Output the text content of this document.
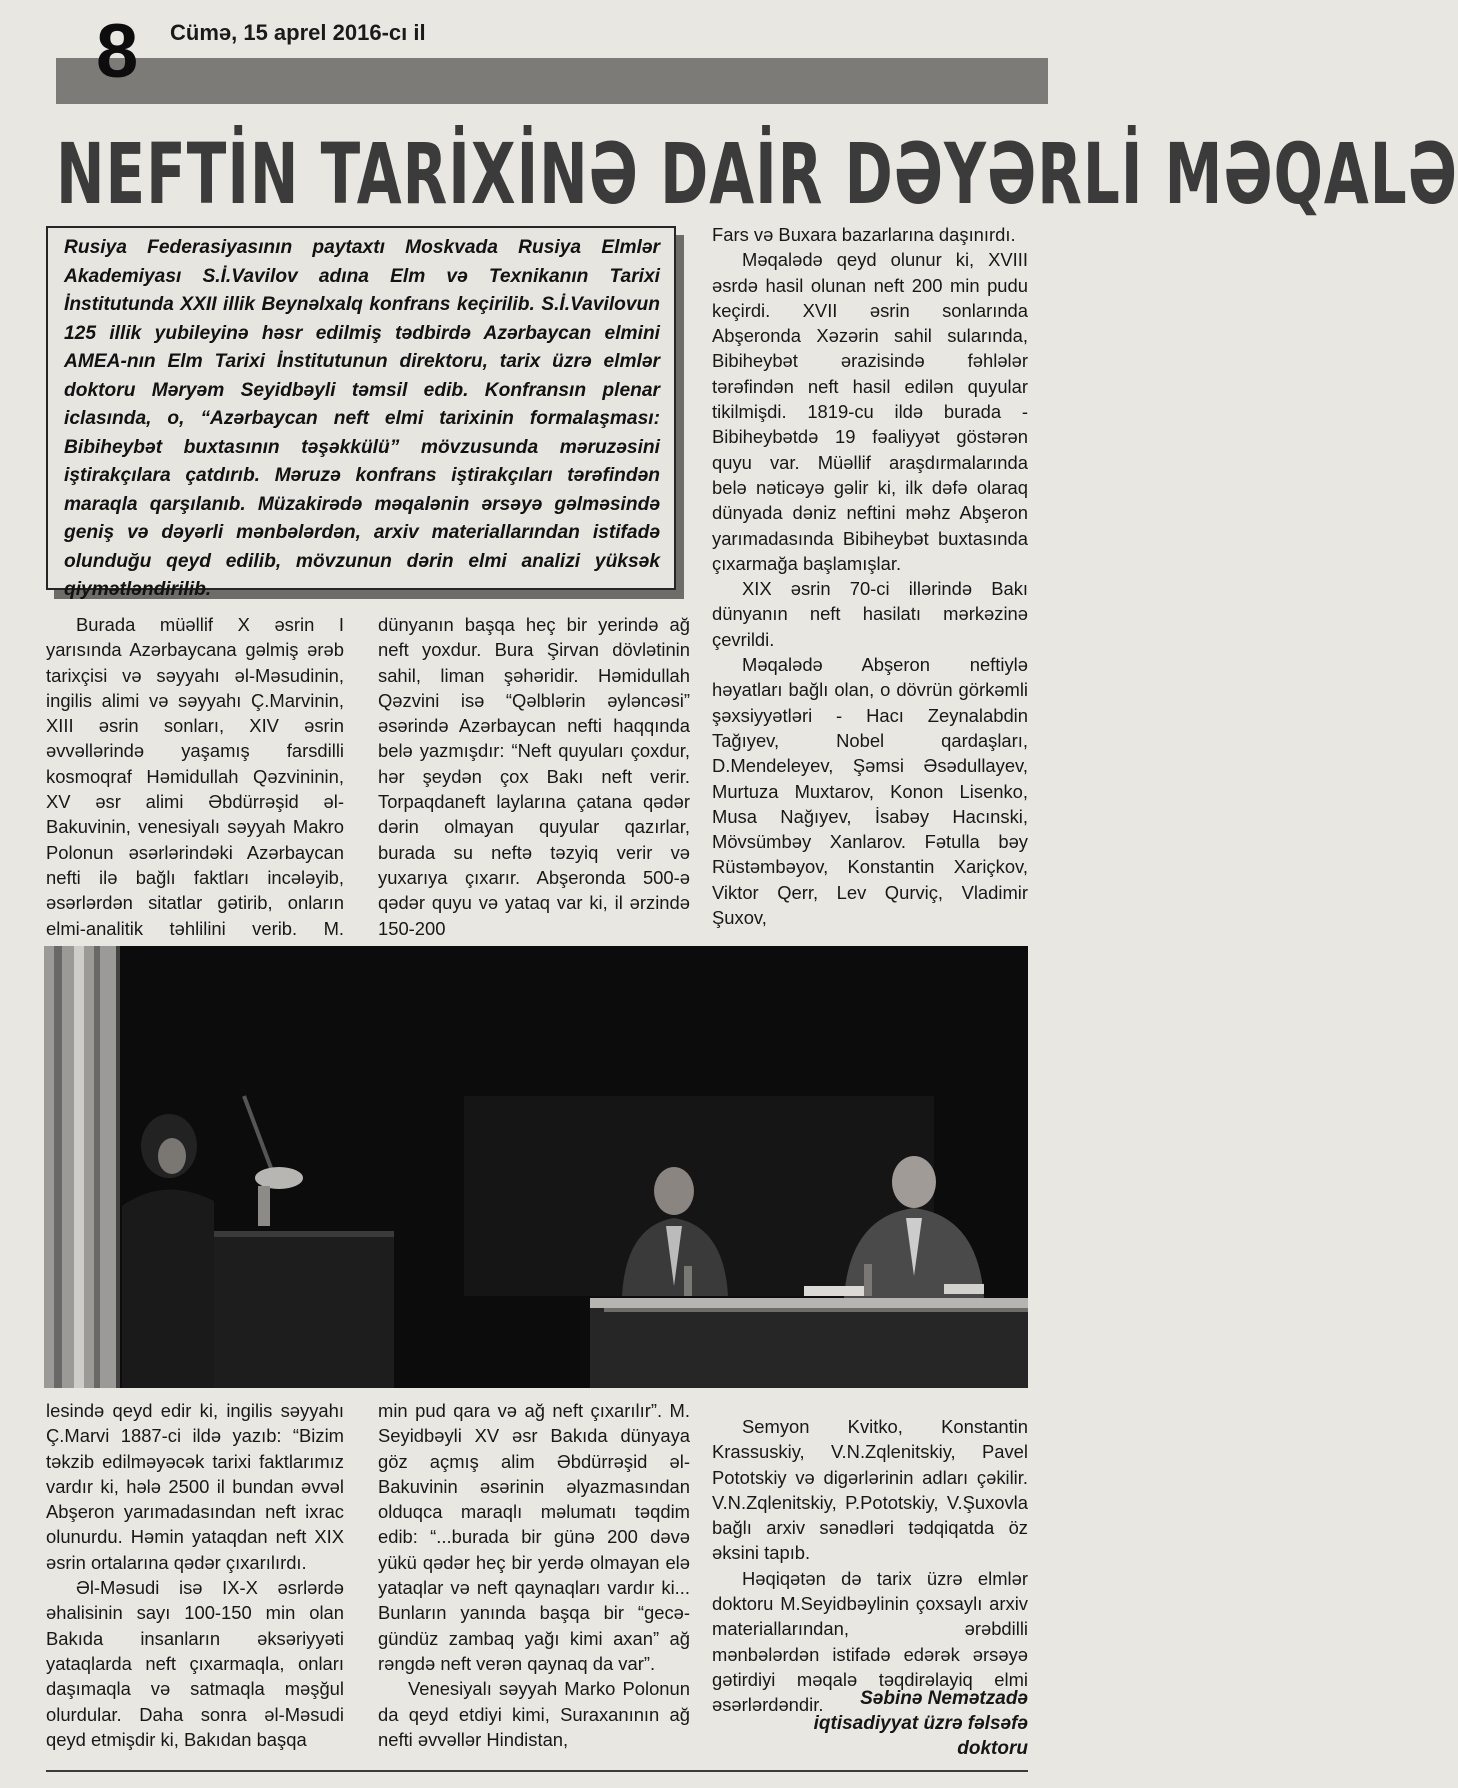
8 Cümə, 15 aprel 2016-cı il
NEFTİN TARİXİNƏ DAİR DƏYƏRLİ MƏQALƏ
Rusiya Federasiyasının paytaxtı Moskvada Rusiya Elmlər Akademiyası S.İ.Vavilov adına Elm və Texnikanın Tarixi İnstitutunda XXII illik Beynəlxalq konfrans keçirilib. S.İ.Vavilovun 125 illik yubileyinə həsr edilmiş tədbirdə Azərbaycan elmini AMEA-nın Elm Tarixi İnstitutunun direktoru, tarix üzrə elmlər doktoru Məryəm Seyidbəyli təmsil edib. Konfransın plenar iclasında, o, “Azərbaycan neft elmi tarixinin formalaşması: Bibiheybət buxtasının təşəkkülü” mövzusunda məruzəsini iştirakçılara çatdırıb. Məruzə konfrans iştirakçıları tərəfindən maraqla qarşılanıb. Müzakirədə məqalənin ərsəyə gəlməsində geniş və dəyərli mənbələrdən, arxiv materiallarından istifadə olunduğu qeyd edilib, mövzunun dərin elmi analizi yüksək qiymətləndirilib.

Burada müəllif X əsrin I yarısında Azərbaycana gəlmiş ərəb tarixçisi və səyyahı əl-Məsudinin, ingilis alimi və səyyahı Ç.Marvinin, XIII əsrin sonları, XIV əsrin əvvəllərində yaşamış farsdilli kosmoqraf Həmidullah Qəzvininin, XV əsr alimi Əbdürrəşid əl-Bakuvinin, venesiyalı səyyah Makro Polonun əsərlərindəki Azərbaycan nefti ilə bağlı faktları incələyib, əsərlərdən sitatlar gətirib, onların elmi-analitik təhlilini verib. M.

dünyanın başqa heç bir yerində ağ neft yoxdur. Bura Şirvan dövlətinin sahil, liman şəhəridir. Həmidullah Qəzvini isə “Qəlblərin əyləncəsi” əsərində Azərbaycan nefti haqqında belə yazmışdır: “Neft quyuları çoxdur, hər şeydən çox Bakı neft verir. Torpaqdaneft laylarına çatana qədər dərin olmayan quyular qazırlar, burada su neftə təzyiq verir və yuxarıya çıxarır. Abşeronda 500-ə qədər quyu və yataq var ki, il ərzində 150-200

Fars və Buxara bazarlarına daşınırdı.

Məqalədə qeyd olunur ki, XVIII əsrdə hasil olunan neft 200 min pudu keçirdi. XVII əsrin sonlarında Abşeronda Xəzərin sahil sularında, Bibiheybət ərazisində fəhlələr tərəfindən neft hasil edilən quyular tikilmişdi. 1819-cu ildə burada - Bibiheybətdə 19 fəaliyyət göstərən quyu var. Müəllif araşdırmalarında belə nəticəyə gəlir ki, ilk dəfə olaraq dünyada dəniz neftini məhz Abşeron yarımadasında Bibiheybət buxtasında çıxarmağa başlamışlar.

XIX əsrin 70-ci illərində Bakı dünyanın neft hasilatı mərkəzinə çevrildi.

Məqalədə Abşeron neftiylə həyatları bağlı olan, o dövrün görkəmli şəxsiyyətləri - Hacı Zeynalabdin Tağıyev, Nobel qardaşları, D.Mendeleyev, Şəmsi Əsədullayev, Murtuza Muxtarov, Konon Lisenko, Musa Nağıyev, İsabəy Hacınski, Mövsümbəy Xanlarov. Fətulla bəy Rüstəmbəyov, Konstantin Xariçkov, Viktor Qerr, Lev Qurviç, Vladimir Şuxov,

lesində qeyd edir ki, ingilis səyyahı Ç.Marvi 1887-ci ildə yazıb: “Bizim təkzib edilməyəcək tarixi faktlarımız vardır ki, hələ 2500 il bundan əvvəl Abşeron yarımadasından neft ixrac olunurdu. Həmin yataqdan neft XIX əsrin ortalarına qədər çıxarılırdı.

Əl-Məsudi isə IX-X əsrlərdə əhalisinin sayı 100-150 min olan Bakıda insanların əksəriyyəti yataqlarda neft çıxarmaqla, onları daşımaqla və satmaqla məşğul olurdular. Daha sonra əl-Məsudi qeyd etmişdir ki, Bakıdan başqa

min pud qara və ağ neft çıxarılır”. M. Seyidbəyli XV əsr Bakıda dünyaya göz açmış alim Əbdürrəşid əl-Bakuvinin əsərinin əlyazmasından olduqca maraqlı məlumatı təqdim edib: “...burada bir günə 200 dəvə yükü qədər heç bir yerdə olmayan elə yataqlar və neft qaynaqları vardır ki... Bunların yanında başqa bir “gecə-gündüz zambaq yağı kimi axan” ağ rəngdə neft verən qaynaq da var”.

Venesiyalı səyyah Marko Polonun da qeyd etdiyi kimi, Suraxanının ağ nefti əvvəllər Hindistan,

Semyon Kvitko, Konstantin Krassuskiy, V.N.Zqlenitskiy, Pavel Pototskiy və digərlərinin adları çəkilir. V.N.Zqlenitskiy, P.Pototskiy, V.Şuxovla bağlı arxiv sənədləri tədqiqatda öz əksini tapıb.

Həqiqətən də tarix üzrə elmlər doktoru M.Seyidbəylinin çoxsaylı arxiv materiallarından, ərəbdilli mənbələrdən istifadə edərək ərsəyə gətirdiyi məqalə təqdirəlayiq elmi əsərlərdəndir.	Səbinə Nemətzadə
iqtisadiyyat üzrə fəlsəfə
doktoru
